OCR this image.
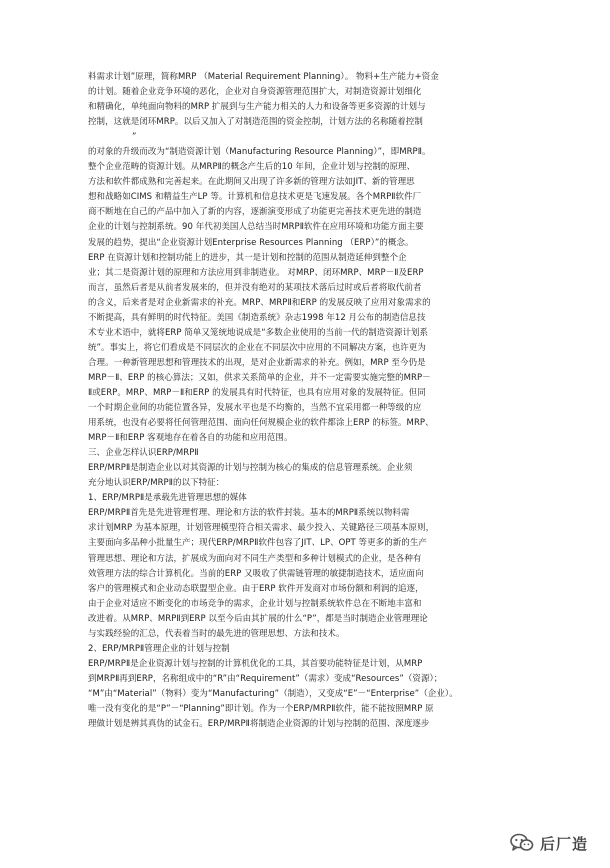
料需求计划”原理，简称MRP （Material Requirement Planning）。 物料+生产能力+资金
的计划。随着企业竞争环境的恶化，企业对自身资源管理范围扩大，对制造资源计划细化
和精确化，单纯面向物料的MRP 扩展到与生产能力相关的人力和设备等更多资源的计划与
控制，这就是闭环MRP。以后又加入了对制造范围的资金控制，计划方法的名称随着控制
”
的对象的升级而改为“制造资源计划（Manufacturing Resource Planning）”，即MRPⅡ。
整个企业范畴的资源计划。从MRPⅡ的概念产生后的10 年间，企业计划与控制的原理、
方法和软件都成熟和完善起来。在此期间又出现了许多新的管理方法如JIT、新的管理思
想和战略如CIMS 和精益生产LP 等。计算机和信息技术更是飞速发展。各个MRPⅡ软件厂
商不断地在自己的产品中加入了新的内容，逐渐演变形成了功能更完善技术更先进的制造
企业的计划与控制系统。90 年代初美国人总结当时MRPⅡ软件在应用环境和功能方面主要
发展的趋势，提出“企业资源计划Enterprise Resources Planning （ERP）”的概念。
ERP 在资源计划和控制功能上的进步，其一是计划和控制的范围从制造延伸到整个企
业；其二是资源计划的原理和方法应用到非制造业。 对MRP、闭环MRP、MRP－Ⅱ及ERP
而言，虽然后者是从前者发展来的，但并没有绝对的某项技术落后过时或后者将取代前者
的含义，后来者是对企业新需求的补充。MRP、MRPⅡ和ERP 的发展反映了应用对象需求的
不断提高，具有鲜明的时代特征。美国《制造系统》杂志1998 年12 月公布的制造信息技
术专业术语中，就将ERP 简单又笼统地说成是“多数企业使用的当前一代的制造资源计划系
统”。事实上，将它们看成是不同层次的企业在不同层次中应用的不同解决方案，也许更为
合理。一种新管理思想和管理技术的出现，是对企业新需求的补充。例如，MRP 至今仍是
MRP－Ⅱ、ERP 的核心算法；又如，供求关系简单的企业，并不一定需要实施完整的MRP－
Ⅱ或ERP。MRP、MRP－Ⅱ和ERP 的发展具有时代特征，也具有应用对象的发展特征。但同
一个时期企业间的功能位置各异，发展水平也是不均衡的，当然不宜采用都一种等级的应
用系统，也没有必要将任何管理范围、面向任何规模企业的软件都涂上ERP 的标签。MRP、
MRP－Ⅱ和ERP 客观地存在着各自的功能和应用范围。
三、企业怎样认识ERP/MRPⅡ
ERP/MRPⅡ是制造企业以对其资源的计划与控制为核心的集成的信息管理系统。企业须
充分地认识ERP/MRPⅡ的以下特征：
1、ERP/MRPⅡ是承载先进管理思想的媒体
ERP/MRPⅡ首先是先进管理哲理、理论和方法的软件封装。基本的MRPⅡ系统以物料需
求计划MRP 为基本原理，计划管理模型符合相关需求、最少投入、关键路径三项基本原则，
主要面向多品种小批量生产；现代ERP/MRPⅡ软件包容了JIT、LP、OPT 等更多的新的生产
管理思想、理论和方法，扩展成为面向对不同生产类型和多种计划模式的企业，是各种有
效管理方法的综合计算机化。当前的ERP 又吸收了供需链管理的敏捷制造技术，适应面向
客户的管理模式和企业动态联盟型企业。由于ERP 软件开发商对市场份额和利润的追逐，
由于企业对适应不断变化的市场竞争的需求，企业计划与控制系统软件总在不断地丰富和
改进着。从MRP、MRPⅡ到ERP 以至今后由其扩展的什么“P”，都是当时制造企业管理理论
与实践经验的汇总，代表着当时的最先进的管理思想、方法和技术。
2、ERP/MRPⅡ管理企业的计划与控制
ERP/MRPⅡ是企业资源计划与控制的计算机优化的工具，其首要功能特征是计划，从MRP
到MRPⅡ再到ERP，名称组成中的“R”由“Requirement”（需求）变成“Resources”（资源）；
“M”由“Material”（物料）变为“Manufacturing”（制造），又变成“E”－“Enterprise”（企业）。
唯一没有变化的是“P”－“Planning”即计划。作为一个ERP/MRPⅡ软件，能不能按照MRP 原
理做计划是辨其真伪的试金石。ERP/MRPⅡ将制造企业资源的计划与控制的范围、深度逐步
后厂造
